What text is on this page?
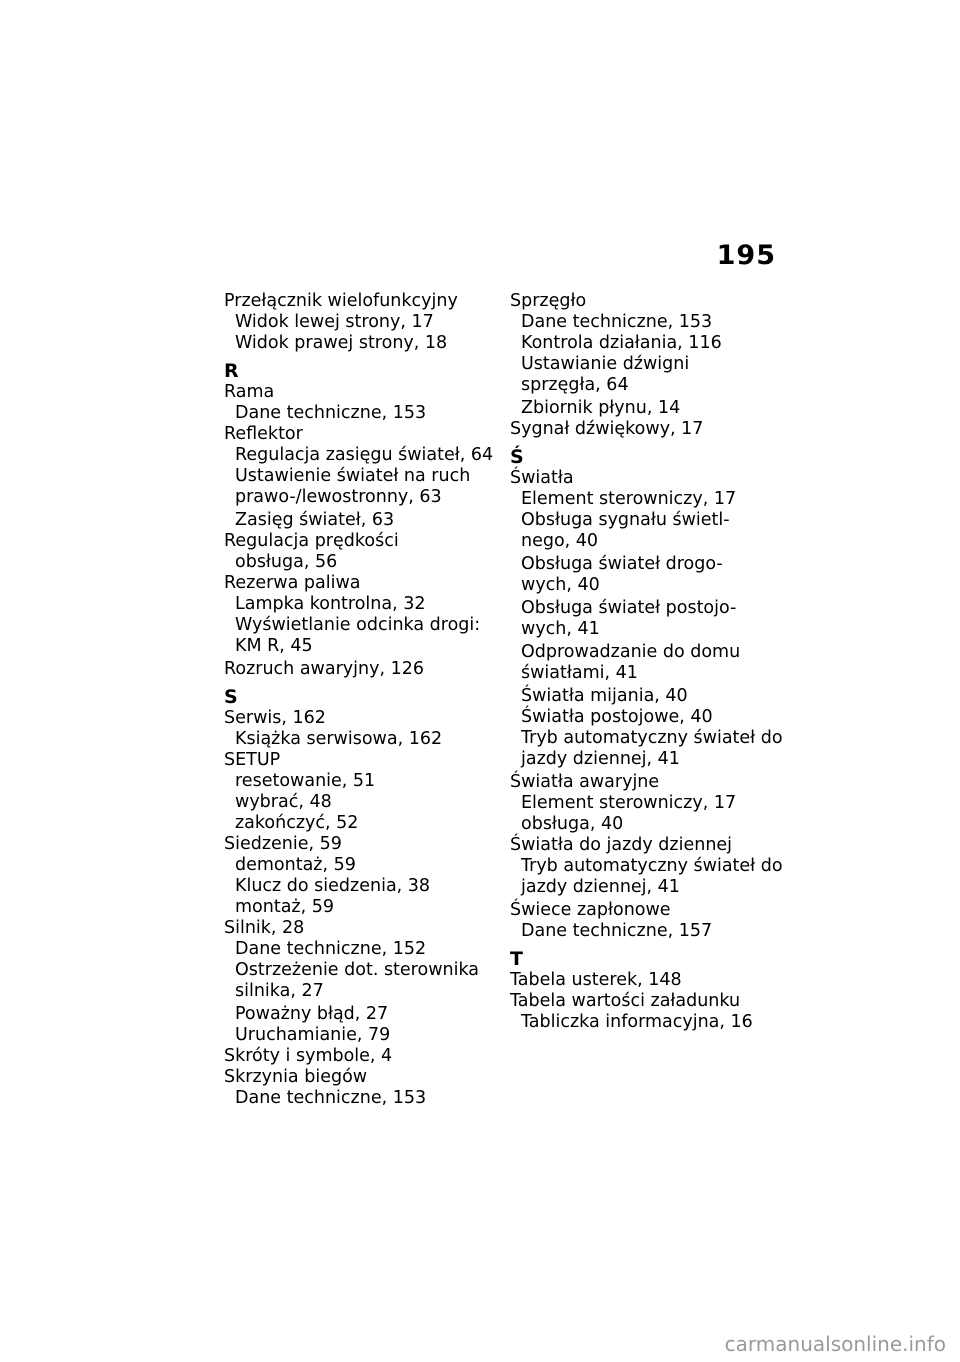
195
Przełącznik wielofunkcyjny
Widok lewej strony, 17
Widok prawej strony, 18
R
Rama
Dane techniczne, 153
Reflektor
Regulacja zasięgu świateł, 64
Ustawienie świateł na ruch
prawo-/lewostronny, 63
Zasięg świateł, 63
Regulacja prędkości
obsługa, 56
Rezerwa paliwa
Lampka kontrolna, 32
Wyświetlanie odcinka drogi:
KM R, 45
Rozruch awaryjny, 126
S
Serwis, 162
Książka serwisowa, 162
SETUP
resetowanie, 51
wybrać, 48
zakończyć, 52
Siedzenie, 59
demontaż, 59
Klucz do siedzenia, 38
montaż, 59
Silnik, 28
Dane techniczne, 152
Ostrzeżenie dot. sterownika
silnika, 27
Poważny błąd, 27
Uruchamianie, 79
Skróty i symbole, 4
Skrzynia biegów
Dane techniczne, 153
Sprzęgło
Dane techniczne, 153
Kontrola działania, 116
Ustawianie dźwigni
sprzęgła, 64
Zbiornik płynu, 14
Sygnał dźwiękowy, 17
Ś
Światła
Element sterowniczy, 17
Obsługa sygnału świetl-
nego, 40
Obsługa świateł drogo-
wych, 40
Obsługa świateł postojo-
wych, 41
Odprowadzanie do domu
światłami, 41
Światła mijania, 40
Światła postojowe, 40
Tryb automatyczny świateł do
jazdy dziennej, 41
Światła awaryjne
Element sterowniczy, 17
obsługa, 40
Światła do jazdy dziennej
Tryb automatyczny świateł do
jazdy dziennej, 41
Świece zapłonowe
Dane techniczne, 157
T
Tabela usterek, 148
Tabela wartości załadunku
Tabliczka informacyjna, 16
carmanualsonline.info
